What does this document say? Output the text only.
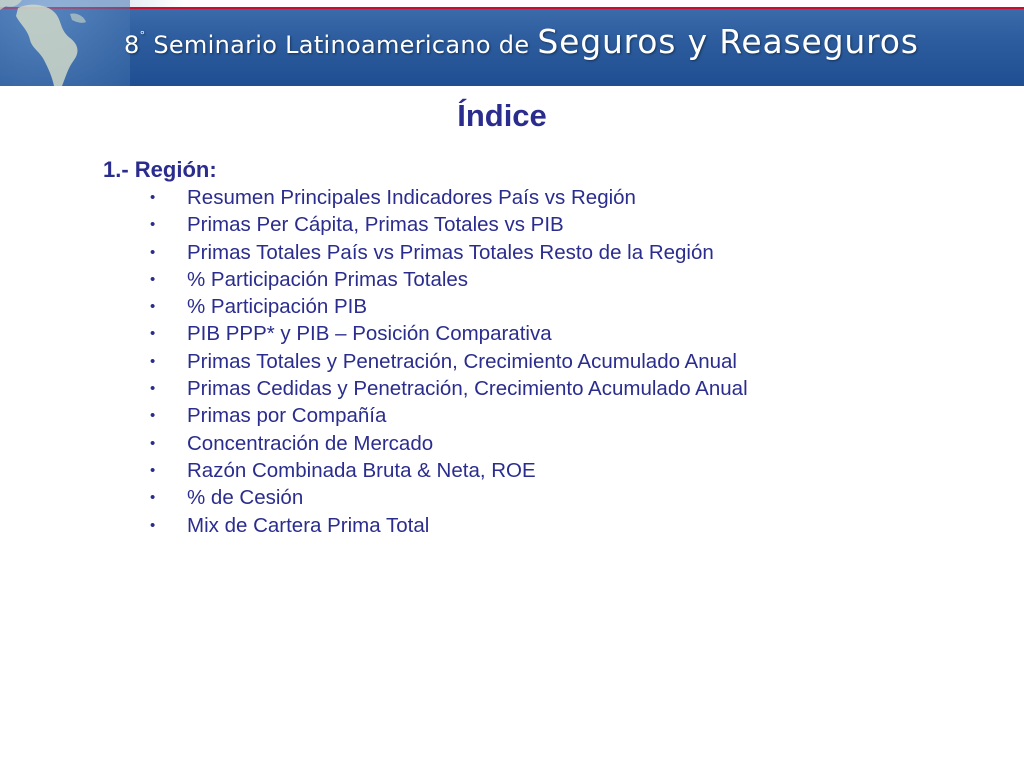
8° Seminario Latinoamericano de Seguros y Reaseguros
Índice
1.- Región:
•	Resumen Principales Indicadores País vs Región
•	Primas Per Cápita, Primas Totales vs PIB
•	Primas Totales País vs Primas Totales Resto de la Región
•	% Participación Primas Totales
•	% Participación PIB
•	PIB PPP* y PIB – Posición Comparativa
•	Primas Totales y Penetración, Crecimiento Acumulado Anual
•	Primas Cedidas y Penetración, Crecimiento Acumulado Anual
•	Primas por Compañía
•	Concentración de Mercado
•	Razón Combinada Bruta & Neta, ROE
•	% de Cesión
•	Mix de Cartera Prima Total
